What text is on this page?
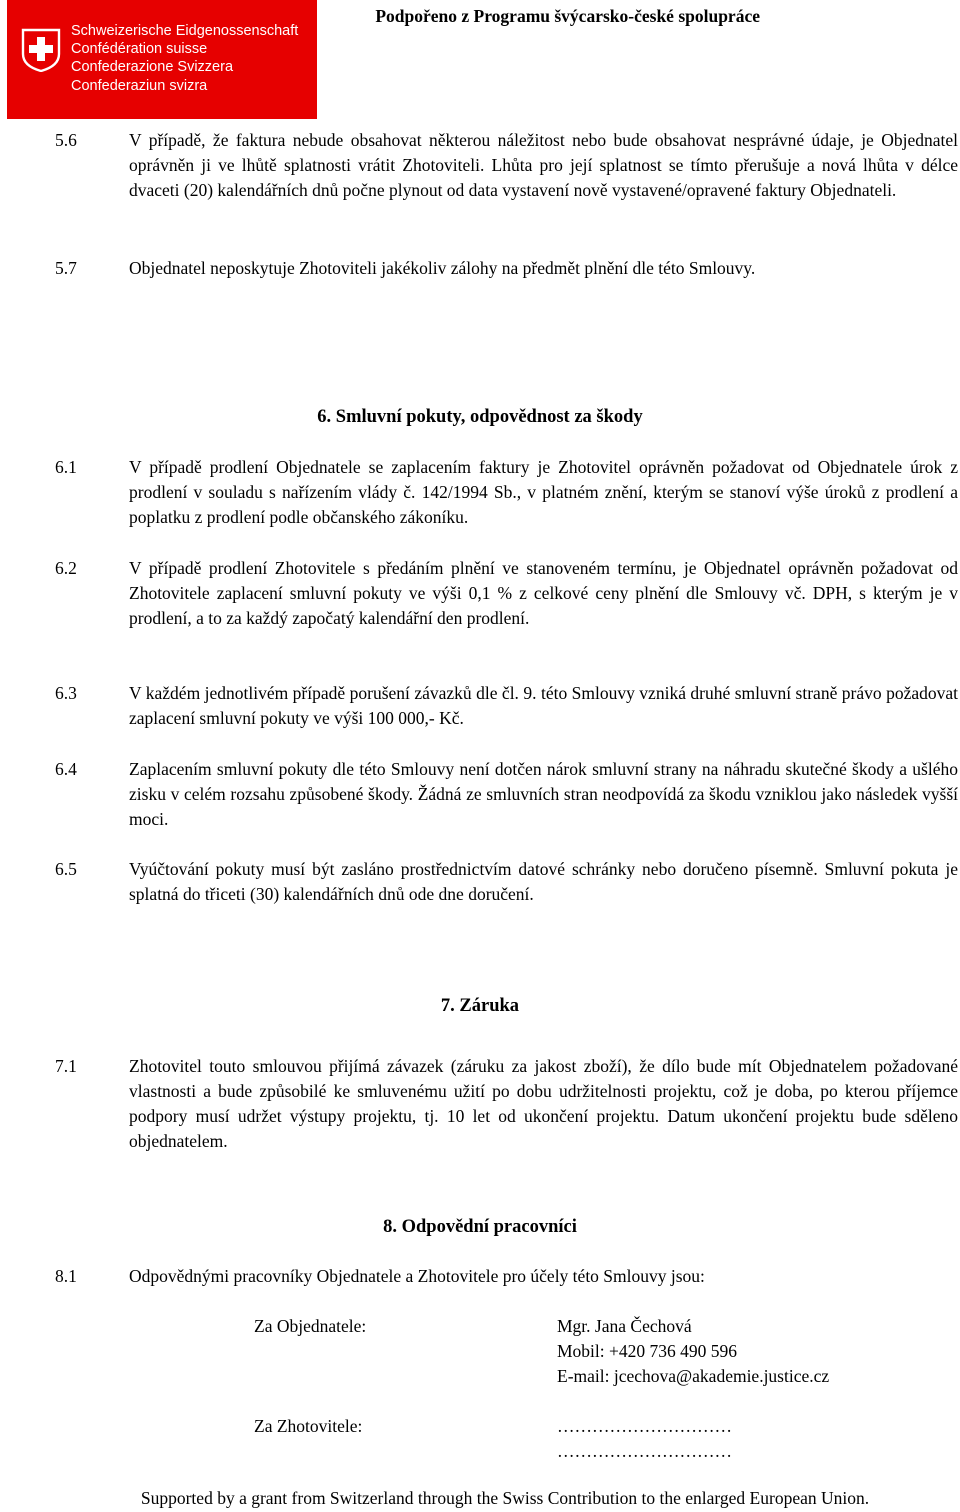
Schweizerische Eidgenossenschaft
Confédération suisse
Confederazione Svizzera
Confederaziun svizra
Podpořeno z Programu švýcarsko-české spolupráce
5.6	V případě, že faktura nebude obsahovat některou náležitost nebo bude obsahovat nesprávné údaje, je Objednatel oprávněn ji ve lhůtě splatnosti vrátit Zhotoviteli. Lhůta pro její splatnost se tímto přerušuje a nová lhůta v délce dvaceti (20) kalendářních dnů počne plynout od data vystavení nově vystavené/opravené faktury Objednateli.
5.7	Objednatel neposkytuje Zhotoviteli jakékoliv zálohy na předmět plnění dle této Smlouvy.
6. Smluvní pokuty, odpovědnost za škody
6.1	V případě prodlení Objednatele se zaplacením faktury je Zhotovitel oprávněn požadovat od Objednatele úrok z prodlení v souladu s nařízením vlády č. 142/1994 Sb., v platném znění, kterým se stanoví výše úroků z prodlení a poplatku z prodlení podle občanského zákoníku.
6.2	V případě prodlení Zhotovitele s předáním plnění ve stanoveném termínu, je Objednatel oprávněn požadovat od Zhotovitele zaplacení smluvní pokuty ve výši 0,1 % z celkové ceny plnění dle Smlouvy vč. DPH, s kterým je v prodlení, a to za každý započatý kalendářní den prodlení.
6.3	V každém jednotlivém případě porušení závazků dle čl. 9. této Smlouvy vzniká druhé smluvní straně právo požadovat zaplacení smluvní pokuty ve výši 100 000,- Kč.
6.4	Zaplacením smluvní pokuty dle této Smlouvy není dotčen nárok smluvní strany na náhradu skutečné škody a ušlého zisku v celém rozsahu způsobené škody. Žádná ze smluvních stran neodpovídá za škodu vzniklou jako následek vyšší moci.
6.5	Vyúčtování pokuty musí být zasláno prostřednictvím datové schránky nebo doručeno písemně. Smluvní pokuta je splatná do třiceti (30) kalendářních dnů ode dne doručení.
7. Záruka
7.1	Zhotovitel touto smlouvou přijímá závazek (záruku za jakost zboží), že dílo bude mít Objednatelem požadované vlastnosti a bude způsobilé ke smluvenému užití po dobu udržitelnosti projektu, což je doba, po kterou příjemce podpory musí udržet výstupy projektu, tj. 10 let od ukončení projektu. Datum ukončení projektu bude sděleno objednatelem.
8. Odpovědní pracovníci
8.1	Odpovědnými pracovníky Objednatele a Zhotovitele pro účely této Smlouvy jsou:
Za Objednatele:	Mgr. Jana Čechová
Mobil: +420 736 490 596
E-mail: jcechova@akademie.justice.cz
Za Zhotovitele:	…………………………
…………………………
Supported by a grant from Switzerland through the Swiss Contribution to the enlarged European Union.
